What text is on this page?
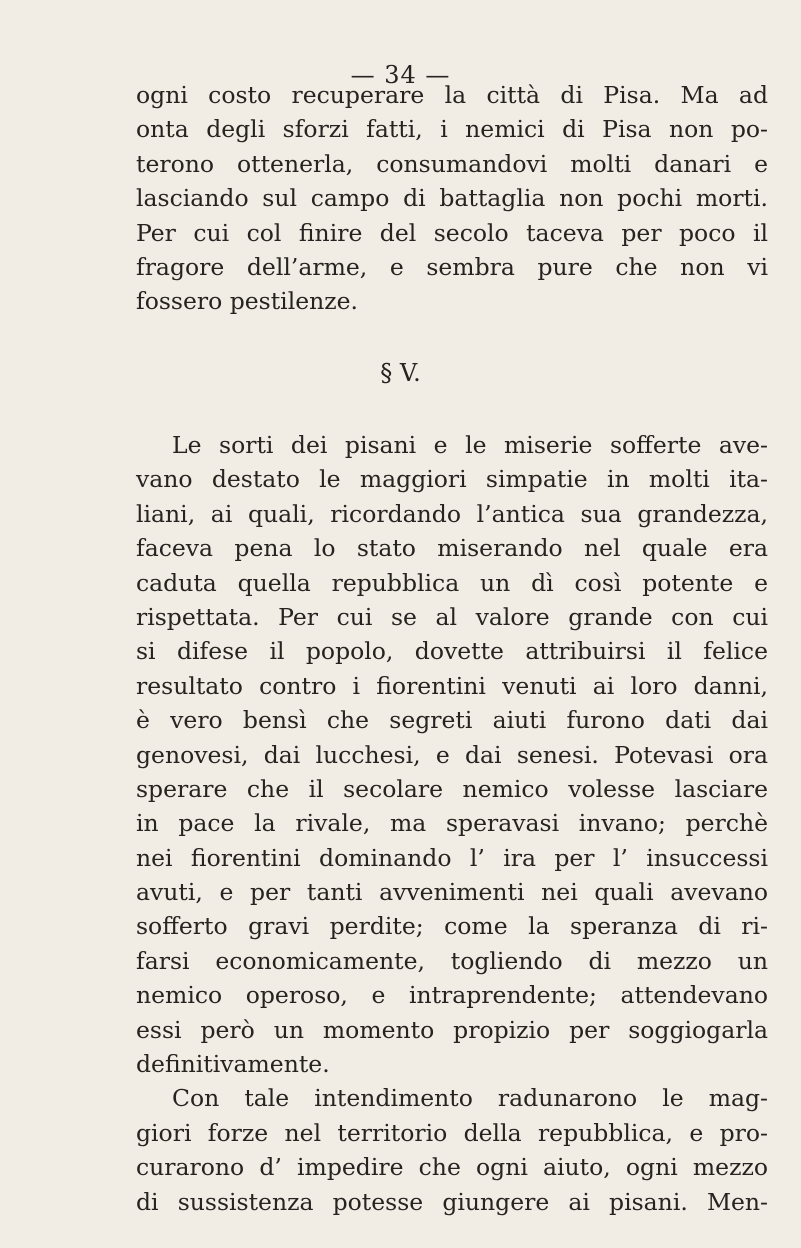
— 34 —
ogni costo recuperare la città di Pisa. Ma ad
onta degli sforzi fatti, i nemici di Pisa non po-
terono ottenerla, consumandovi molti danari e
lasciando sul campo di battaglia non pochi morti.
Per cui col finire del secolo taceva per poco il
fragore dell’arme, e sembra pure che non vi
fossero pestilenze.
§ V.
Le sorti dei pisani e le miserie sofferte ave-
vano destato le maggiori simpatie in molti ita-
liani, ai quali, ricordando l’antica sua grandezza,
faceva pena lo stato miserando nel quale era
caduta quella repubblica un dì così potente e
rispettata. Per cui se al valore grande con cui
si difese il popolo, dovette attribuirsi il felice
resultato contro i fiorentini venuti ai loro danni,
è vero bensì che segreti aiuti furono dati dai
genovesi, dai lucchesi, e dai senesi. Potevasi ora
sperare che il secolare nemico volesse lasciare
in pace la rivale, ma speravasi invano; perchè
nei fiorentini dominando l’ ira per l’ insuccessi
avuti, e per tanti avvenimenti nei quali avevano
sofferto gravi perdite; come la speranza di ri-
farsi economicamente, togliendo di mezzo un
nemico operoso, e intraprendente; attendevano
essi però un momento propizio per soggiogarla
definitivamente.
Con tale intendimento radunarono le mag-
giori forze nel territorio della repubblica, e pro-
curarono d’ impedire che ogni aiuto, ogni mezzo
di sussistenza potesse giungere ai pisani. Men-
